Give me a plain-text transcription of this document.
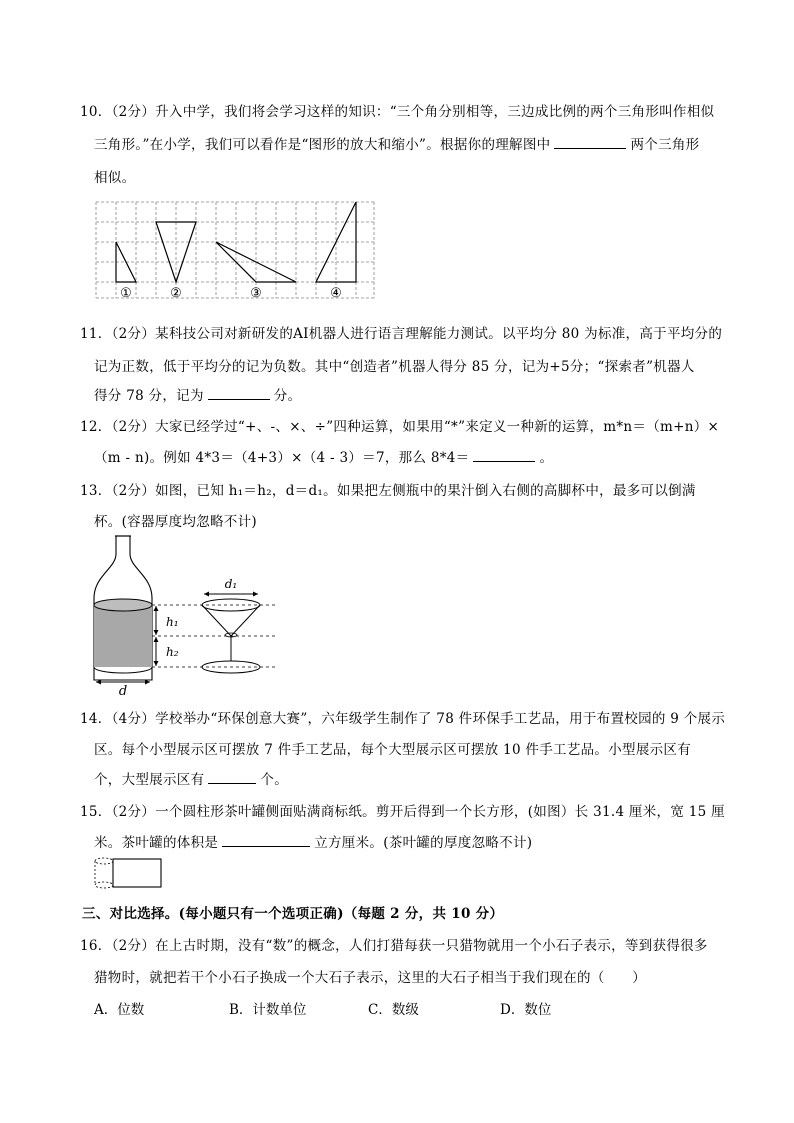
10．（2分）升入中学，我们将会学习这样的知识：“三个角分别相等，三边成比例的两个三角形叫作相似
三角形。”在小学，我们可以看作是“图形的放大和缩小”。根据你的理解图中	两个三角形
相似。
①	②	③	④
11．（2分）某科技公司对新研发的AI机器人进行语言理解能力测试。以平均分 80 为标准，高于平均分的
记为正数，低于平均分的记为负数。其中“创造者”机器人得分 85 分，记为+5分；“探索者”机器人
得分 78 分，记为	分。
12．（2分）大家已经学过“+、-、×、÷”四种运算，如果用“*”来定义一种新的运算，m*n＝（m+n）×
（m - n)。例如 4*3＝（4+3）×（4 - 3）＝7，那么 8*4＝	。
13．（2分）如图，已知 h₁＝h₂，d＝d₁。如果把左侧瓶中的果汁倒入右侧的高脚杯中，最多可以倒满
杯。(容器厚度均忽略不计)
d
h₁
h₂
d₁
14．（4分）学校举办“环保创意大赛”，六年级学生制作了 78 件环保手工艺品，用于布置校园的 9 个展示
区。每个小型展示区可摆放 7 件手工艺品，每个大型展示区可摆放 10 件手工艺品。小型展示区有
个，大型展示区有	个。
15．（2分）一个圆柱形茶叶罐侧面贴满商标纸。剪开后得到一个长方形，(如图）长 31.4 厘米，宽 15 厘
米。茶叶罐的体积是	立方厘米。(茶叶罐的厚度忽略不计)
三、对比选择。(每小题只有一个选项正确)（每题 2 分，共 10 分）
16．（2分）在上古时期，没有“数”的概念，人们打猎每获一只猎物就用一个小石子表示，等到获得很多
猎物时，就把若干个小石子换成一个大石子表示，这里的大石子相当于我们现在的（　　）
A．位数	B．计数单位	C．数级	D．数位
